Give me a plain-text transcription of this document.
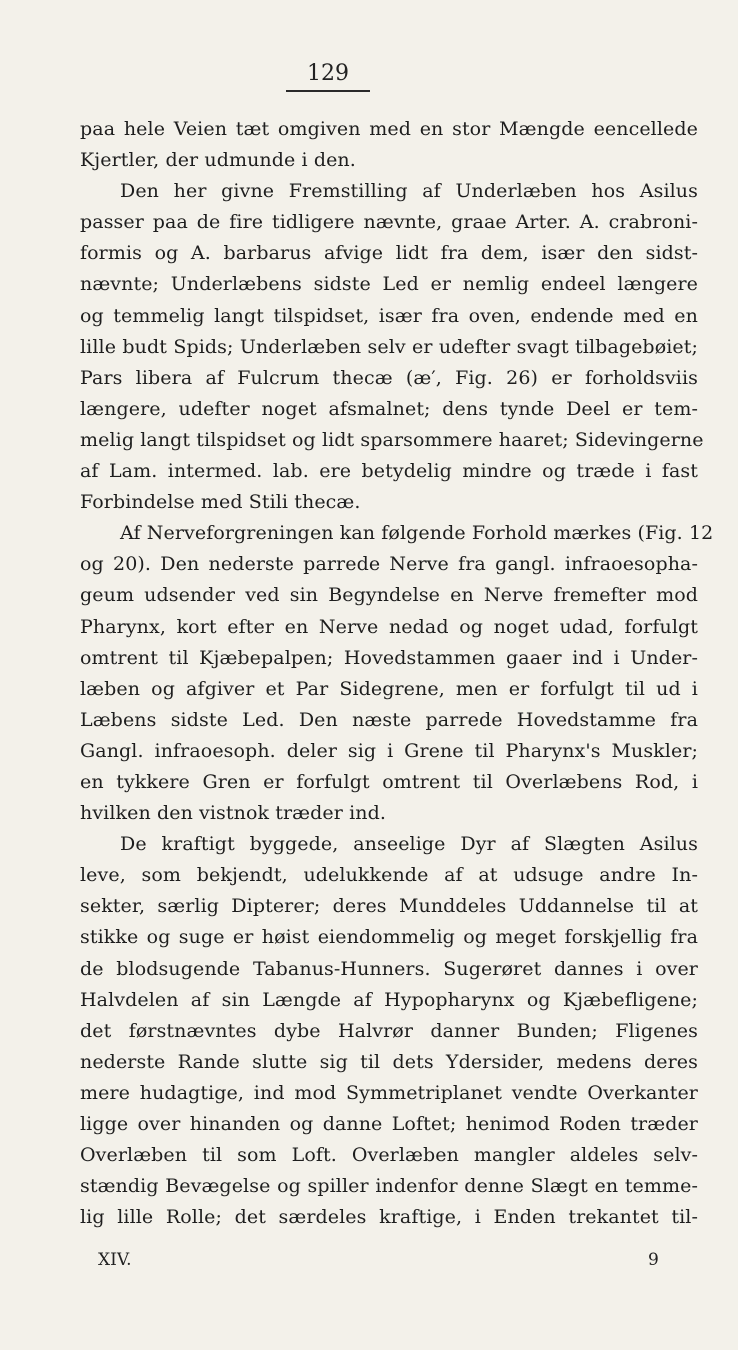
129
paa hele Veien tæt omgiven med en stor Mængde eencellede
Kjertler, der udmunde i den.
Den her givne Fremstilling af Underlæben hos Asilus
passer paa de fire tidligere nævnte, graae Arter. A. crabroni-
formis og A. barbarus afvige lidt fra dem, især den sidst-
nævnte; Underlæbens sidste Led er nemlig endeel længere
og temmelig langt tilspidset, især fra oven, endende med en
lille budt Spids; Underlæben selv er udefter svagt tilbagebøiet;
Pars libera af Fulcrum thecæ (æ′, Fig. 26) er forholdsviis
længere, udefter noget afsmalnet; dens tynde Deel er tem-
melig langt tilspidset og lidt sparsommere haaret; Sidevingerne
af Lam. intermed. lab. ere betydelig mindre og træde i fast
Forbindelse med Stili thecæ.
Af Nerveforgreningen kan følgende Forhold mærkes (Fig. 12
og 20). Den nederste parrede Nerve fra gangl. infraoesopha-
geum udsender ved sin Begyndelse en Nerve fremefter mod
Pharynx, kort efter en Nerve nedad og noget udad, forfulgt
omtrent til Kjæbepalpen; Hovedstammen gaaer ind i Under-
læben og afgiver et Par Sidegrene, men er forfulgt til ud i
Læbens sidste Led. Den næste parrede Hovedstamme fra
Gangl. infraoesoph. deler sig i Grene til Pharynx's Muskler;
en tykkere Gren er forfulgt omtrent til Overlæbens Rod, i
hvilken den vistnok træder ind.
De kraftigt byggede, anseelige Dyr af Slægten Asilus
leve, som bekjendt, udelukkende af at udsuge andre In-
sekter, særlig Dipterer; deres Munddeles Uddannelse til at
stikke og suge er høist eiendommelig og meget forskjellig fra
de blodsugende Tabanus-Hunners. Sugerøret dannes i over
Halvdelen af sin Længde af Hypopharynx og Kjæbefligene;
det førstnævntes dybe Halvrør danner Bunden; Fligenes
nederste Rande slutte sig til dets Ydersider, medens deres
mere hudagtige, ind mod Symmetriplanet vendte Overkanter
ligge over hinanden og danne Loftet; henimod Roden træder
Overlæben til som Loft. Overlæben mangler aldeles selv-
stændig Bevægelse og spiller indenfor denne Slægt en temme-
lig lille Rolle; det særdeles kraftige, i Enden trekantet til-
XIV.	9
